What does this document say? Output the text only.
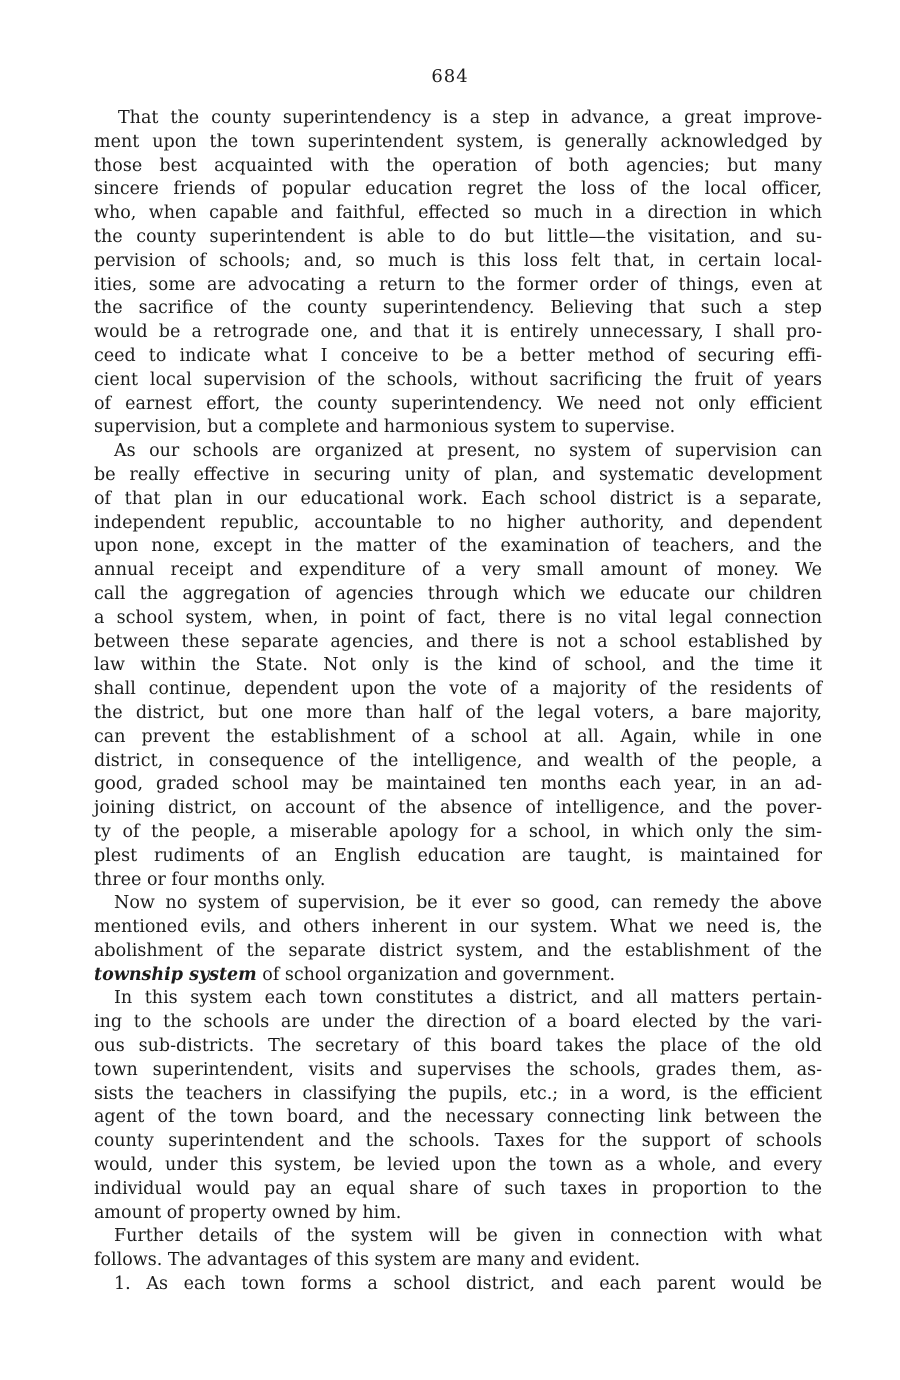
684
That the county superintendency is a step in advance, a great improve-
ment upon the town superintendent system, is generally acknowledged by
those best acquainted with the operation of both agencies; but many
sincere friends of popular education regret the loss of the local officer,
who, when capable and faithful, effected so much in a direction in which
the county superintendent is able to do but little—the visitation, and su-
pervision of schools; and, so much is this loss felt that, in certain local-
ities, some are advocating a return to the former order of things, even at
the sacrifice of the county superintendency. Believing that such a step
would be a retrograde one, and that it is entirely unnecessary, I shall pro-
ceed to indicate what I conceive to be a better method of securing effi-
cient local supervision of the schools, without sacrificing the fruit of years
of earnest effort, the county superintendency. We need not only efficient
supervision, but a complete and harmonious system to supervise.
As our schools are organized at present, no system of supervision can
be really effective in securing unity of plan, and systematic development
of that plan in our educational work. Each school district is a separate,
independent republic, accountable to no higher authority, and dependent
upon none, except in the matter of the examination of teachers, and the
annual receipt and expenditure of a very small amount of money. We
call the aggregation of agencies through which we educate our children
a school system, when, in point of fact, there is no vital legal connection
between these separate agencies, and there is not a school established by
law within the State. Not only is the kind of school, and the time it
shall continue, dependent upon the vote of a majority of the residents of
the district, but one more than half of the legal voters, a bare majority,
can prevent the establishment of a school at all. Again, while in one
district, in consequence of the intelligence, and wealth of the people, a
good, graded school may be maintained ten months each year, in an ad-
joining district, on account of the absence of intelligence, and the pover-
ty of the people, a miserable apology for a school, in which only the sim-
plest rudiments of an English education are taught, is maintained for
three or four months only.
Now no system of supervision, be it ever so good, can remedy the above
mentioned evils, and others inherent in our system. What we need is, the
abolishment of the separate district system, and the establishment of the
township system of school organization and government.
In this system each town constitutes a district, and all matters pertain-
ing to the schools are under the direction of a board elected by the vari-
ous sub-districts. The secretary of this board takes the place of the old
town superintendent, visits and supervises the schools, grades them, as-
sists the teachers in classifying the pupils, etc.; in a word, is the efficient
agent of the town board, and the necessary connecting link between the
county superintendent and the schools. Taxes for the support of schools
would, under this system, be levied upon the town as a whole, and every
individual would pay an equal share of such taxes in proportion to the
amount of property owned by him.
Further details of the system will be given in connection with what
follows. The advantages of this system are many and evident.
1. As each town forms a school district, and each parent would be
